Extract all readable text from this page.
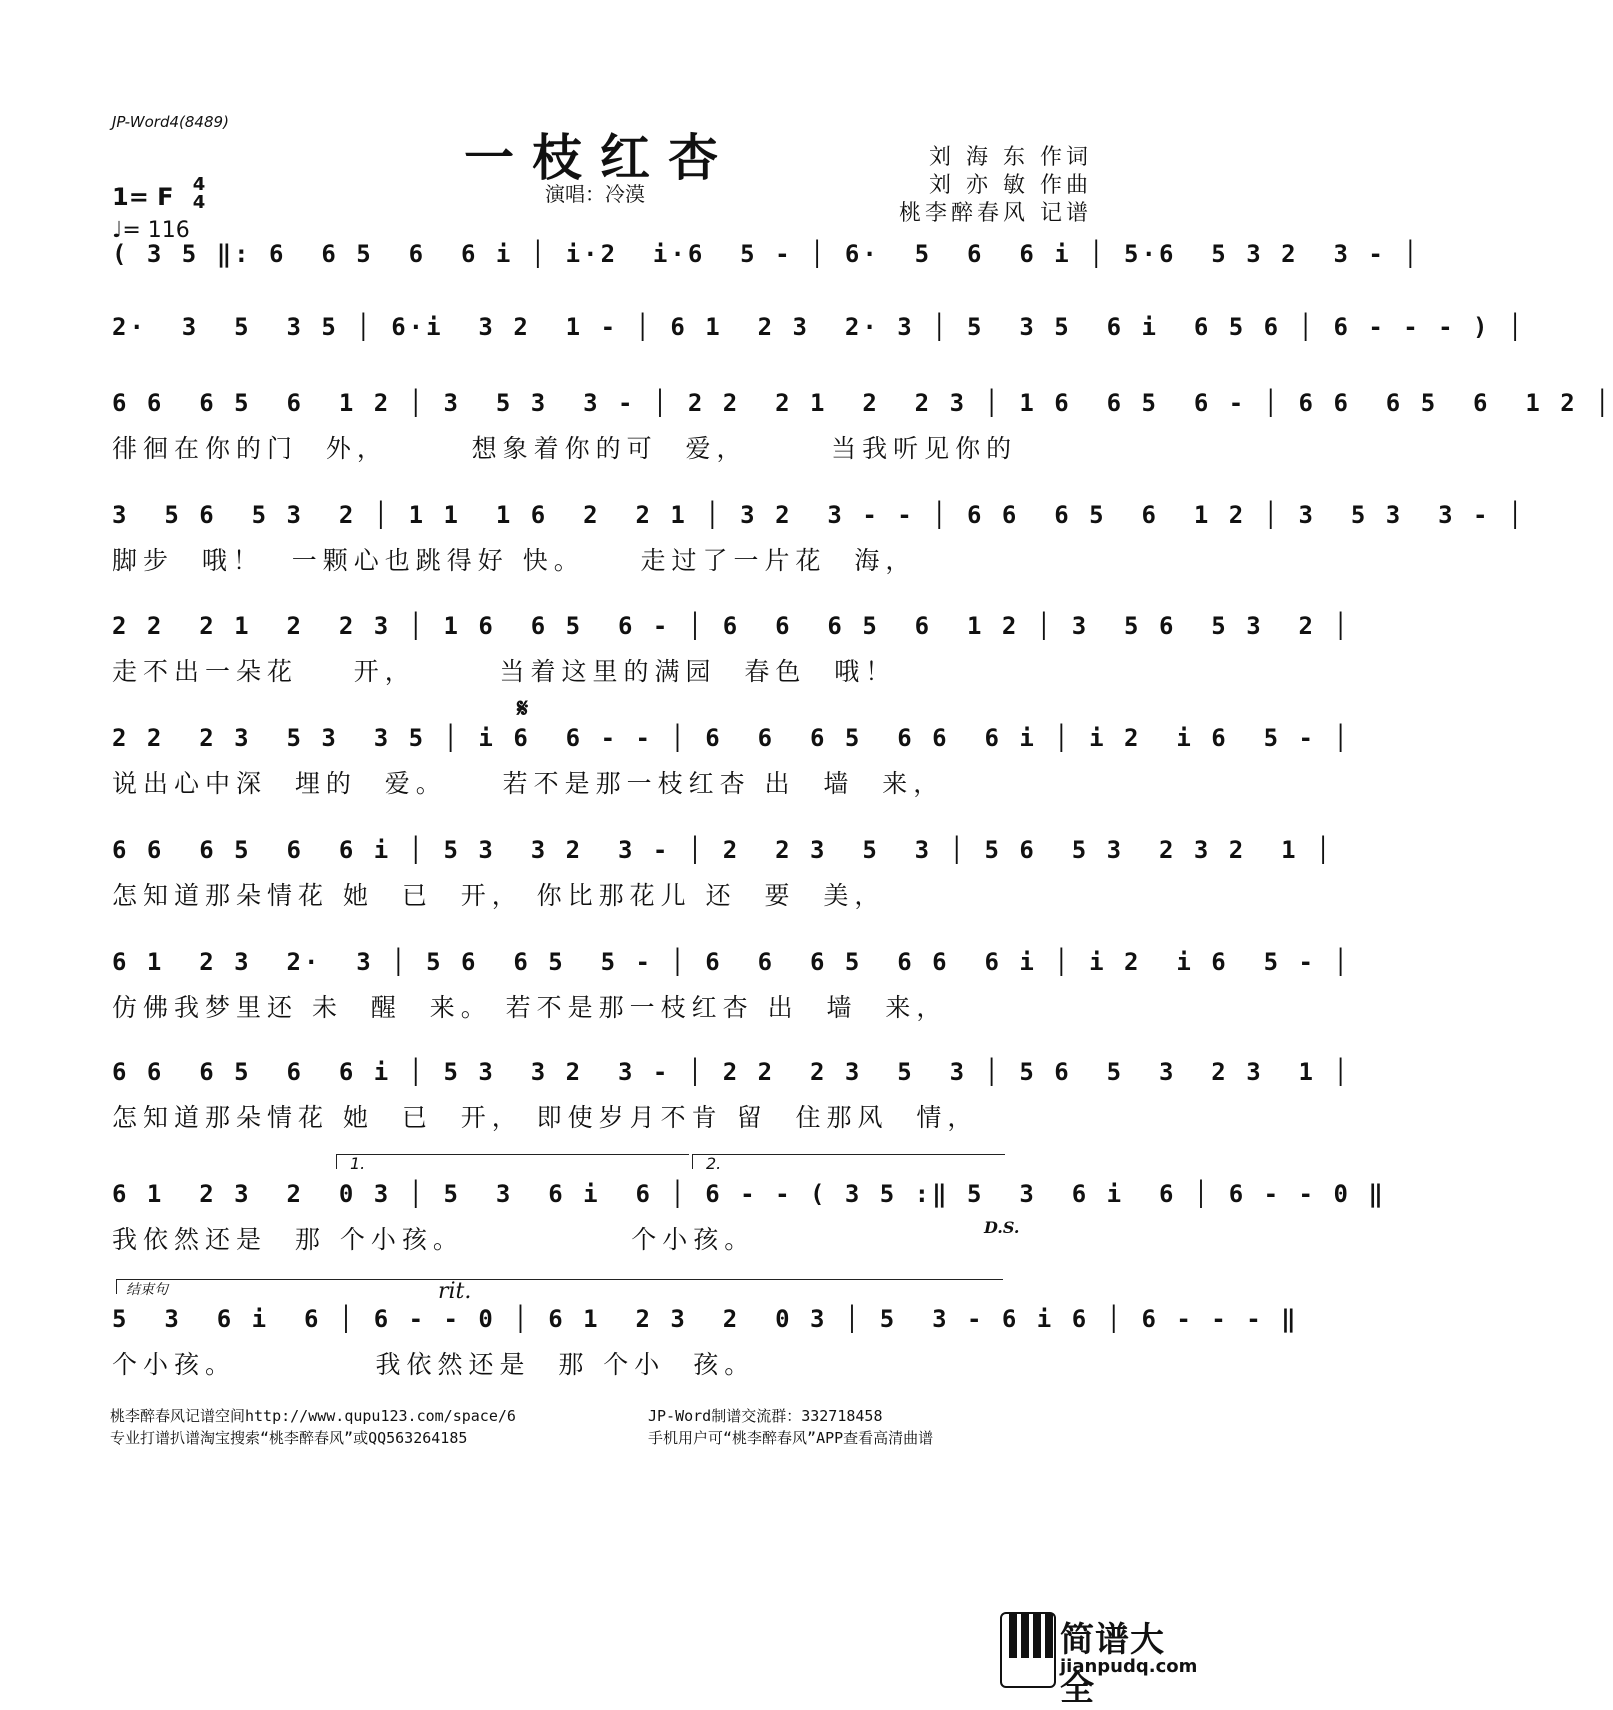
JP-Word4(8489)
一枝红杏
演唱：冷漠
刘 海 东 作词
刘 亦 敏 作曲
桃李醉春风 记谱
1= F 4
4
♩= 116
( 3 5 ‖: 6  6 5  6  6 i │ i·2  i·6  5 - │ 6·  5  6  6 i │ 5·6  5 3 2  3 - │
2·  3  5  3 5 │ 6·i  3 2  1 - │ 6 1  2 3  2· 3 │ 5  3 5  6 i  6 5 6 │ 6 - - - ) │
6 6  6 5  6  1 2 │ 3  5 3  3 - │ 2 2  2 1  2  2 3 │ 1 6  6 5  6 - │ 6 6  6 5  6  1 2 │
徘徊在你的门  外，      想象着你的可  爱，      当我听见你的
3  5 6  5 3  2 │ 1 1  1 6  2  2 1 │ 3 2  3 - - │ 6 6  6 5  6  1 2 │ 3  5 3  3 - │
脚步  哦！  一颗心也跳得好 快。    走过了一片花  海，
2 2  2 1  2  2 3 │ 1 6  6 5  6 - │ 6  6  6 5  6  1 2 │ 3  5 6  5 3  2 │
走不出一朵花    开，      当着这里的满园  春色  哦！
𝄋
2 2  2 3  5 3  3 5 │ i 6  6 - - │ 6  6  6 5  6 6  6 i │ i 2  i 6  5 - │
说出心中深  埋的  爱。    若不是那一枝红杏 出  墙  来，
6 6  6 5  6  6 i │ 5 3  3 2  3 - │ 2  2 3  5  3 │ 5 6  5 3  2 3 2  1 │
怎知道那朵情花 她  已  开， 你比那花儿 还  要  美，
6 1  2 3  2·  3 │ 5 6  6 5  5 - │ 6  6  6 5  6 6  6 i │ i 2  i 6  5 - │
仿佛我梦里还 未  醒  来。 若不是那一枝红杏 出  墙  来，
6 6  6 5  6  6 i │ 5 3  3 2  3 - │ 2 2  2 3  5  3 │ 5 6  5  3  2 3  1 │
怎知道那朵情花 她  已  开， 即使岁月不肯 留  住那风  情，
1.	2.
6 1  2 3  2  0 3 │ 5  3  6 i  6 │ 6 - - ( 3 5 :‖ 5  3  6 i  6 │ 6 - - 0 ‖
我依然还是  那 个小孩。            个小孩。	D.S.
结束句	rit.
5  3  6 i  6 │ 6 - - 0 │ 6 1  2 3  2  0 3 │ 5  3 - 6 i 6 │ 6 - - - ‖
个小孩。          我依然还是  那 个小  孩。
桃李醉春风记谱空间http://www.qupu123.com/space/6
专业打谱扒谱淘宝搜索“桃李醉春风”或QQ563264185
JP-Word制谱交流群：332718458
手机用户可“桃李醉春风”APP查看高清曲谱
简谱大全
jianpudq.com
